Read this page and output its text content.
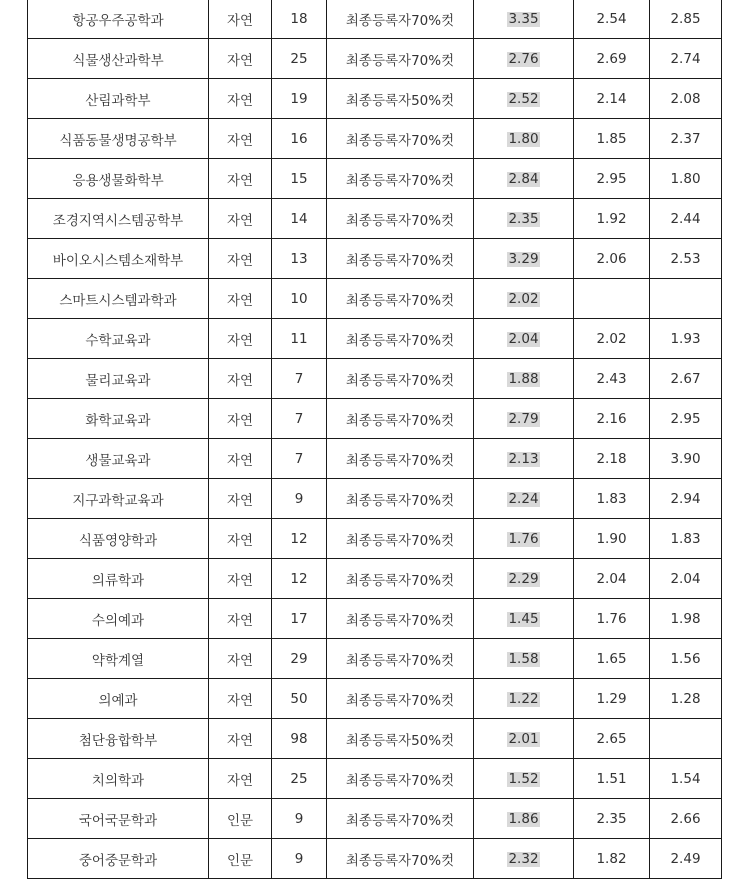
항공우주공학과	자연	18	최종등록자70%컷	3.35	2.54	2.85
식물생산과학부	자연	25	최종등록자70%컷	2.76	2.69	2.74
산림과학부	자연	19	최종등록자50%컷	2.52	2.14	2.08
식품동물생명공학부	자연	16	최종등록자70%컷	1.80	1.85	2.37
응용생물화학부	자연	15	최종등록자70%컷	2.84	2.95	1.80
조경지역시스템공학부	자연	14	최종등록자70%컷	2.35	1.92	2.44
바이오시스템소재학부	자연	13	최종등록자70%컷	3.29	2.06	2.53
스마트시스템과학과	자연	10	최종등록자70%컷	2.02		
수학교육과	자연	11	최종등록자70%컷	2.04	2.02	1.93
물리교육과	자연	7	최종등록자70%컷	1.88	2.43	2.67
화학교육과	자연	7	최종등록자70%컷	2.79	2.16	2.95
생물교육과	자연	7	최종등록자70%컷	2.13	2.18	3.90
지구과학교육과	자연	9	최종등록자70%컷	2.24	1.83	2.94
식품영양학과	자연	12	최종등록자70%컷	1.76	1.90	1.83
의류학과	자연	12	최종등록자70%컷	2.29	2.04	2.04
수의예과	자연	17	최종등록자70%컷	1.45	1.76	1.98
약학계열	자연	29	최종등록자70%컷	1.58	1.65	1.56
의예과	자연	50	최종등록자70%컷	1.22	1.29	1.28
첨단융합학부	자연	98	최종등록자50%컷	2.01	2.65	
치의학과	자연	25	최종등록자70%컷	1.52	1.51	1.54
국어국문학과	인문	9	최종등록자70%컷	1.86	2.35	2.66
중어중문학과	인문	9	최종등록자70%컷	2.32	1.82	2.49
